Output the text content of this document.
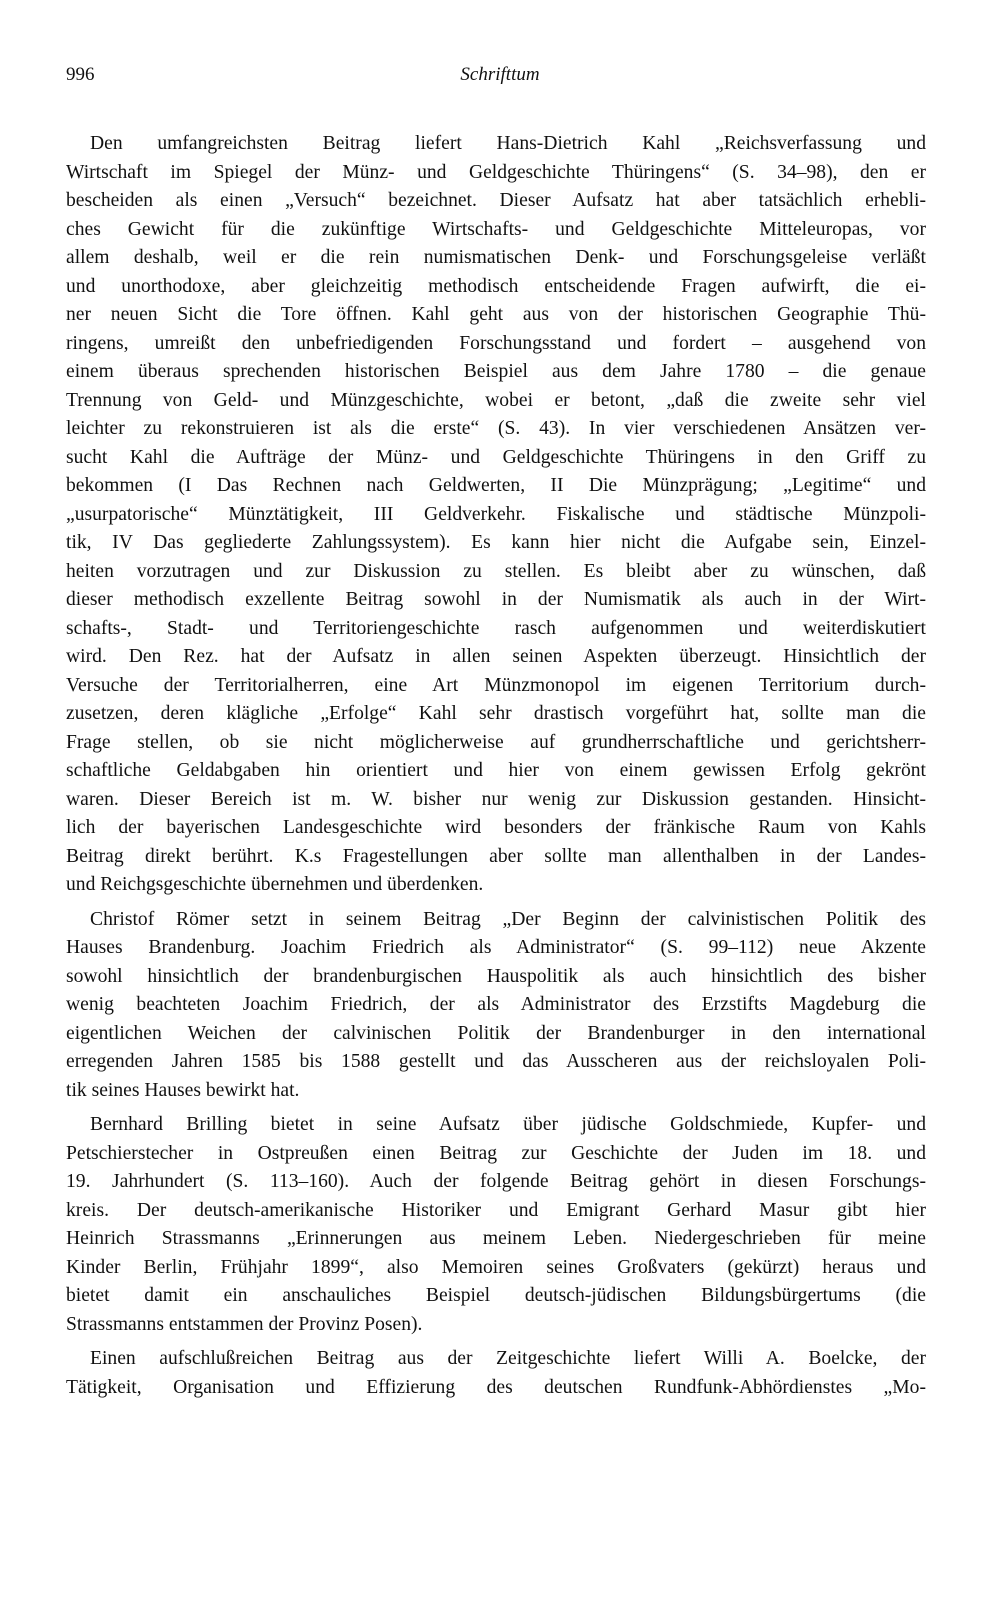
996	Schrifttum
Den umfangreichsten Beitrag liefert Hans-Dietrich Kahl „Reichsverfassung und
Wirtschaft im Spiegel der Münz- und Geldgeschichte Thüringens“ (S. 34–98), den er
bescheiden als einen „Versuch“ bezeichnet. Dieser Aufsatz hat aber tatsächlich erhebli-
ches Gewicht für die zukünftige Wirtschafts- und Geldgeschichte Mitteleuropas, vor
allem deshalb, weil er die rein numismatischen Denk- und Forschungsgeleise verläßt
und unorthodoxe, aber gleichzeitig methodisch entscheidende Fragen aufwirft, die ei-
ner neuen Sicht die Tore öffnen. Kahl geht aus von der historischen Geographie Thü-
ringens, umreißt den unbefriedigenden Forschungsstand und fordert – ausgehend von
einem überaus sprechenden historischen Beispiel aus dem Jahre 1780 – die genaue
Trennung von Geld- und Münzgeschichte, wobei er betont, „daß die zweite sehr viel
leichter zu rekonstruieren ist als die erste“ (S. 43). In vier verschiedenen Ansätzen ver-
sucht Kahl die Aufträge der Münz- und Geldgeschichte Thüringens in den Griff zu
bekommen (I Das Rechnen nach Geldwerten, II Die Münzprägung; „Legitime“ und
„usurpatorische“ Münztätigkeit, III Geldverkehr. Fiskalische und städtische Münzpoli-
tik, IV Das gegliederte Zahlungssystem). Es kann hier nicht die Aufgabe sein, Einzel-
heiten vorzutragen und zur Diskussion zu stellen. Es bleibt aber zu wünschen, daß
dieser methodisch exzellente Beitrag sowohl in der Numismatik als auch in der Wirt-
schafts-, Stadt- und Territoriengeschichte rasch aufgenommen und weiterdiskutiert
wird. Den Rez. hat der Aufsatz in allen seinen Aspekten überzeugt. Hinsichtlich der
Versuche der Territorialherren, eine Art Münzmonopol im eigenen Territorium durch-
zusetzen, deren klägliche „Erfolge“ Kahl sehr drastisch vorgeführt hat, sollte man die
Frage stellen, ob sie nicht möglicherweise auf grundherrschaftliche und gerichtsherr-
schaftliche Geldabgaben hin orientiert und hier von einem gewissen Erfolg gekrönt
waren. Dieser Bereich ist m. W. bisher nur wenig zur Diskussion gestanden. Hinsicht-
lich der bayerischen Landesgeschichte wird besonders der fränkische Raum von Kahls
Beitrag direkt berührt. K.s Fragestellungen aber sollte man allenthalben in der Landes-
und Reichgsgeschichte übernehmen und überdenken.
Christof Römer setzt in seinem Beitrag „Der Beginn der calvinistischen Politik des
Hauses Brandenburg. Joachim Friedrich als Administrator“ (S. 99–112) neue Akzente
sowohl hinsichtlich der brandenburgischen Hauspolitik als auch hinsichtlich des bisher
wenig beachteten Joachim Friedrich, der als Administrator des Erzstifts Magdeburg die
eigentlichen Weichen der calvinischen Politik der Brandenburger in den international
erregenden Jahren 1585 bis 1588 gestellt und das Ausscheren aus der reichsloyalen Poli-
tik seines Hauses bewirkt hat.
Bernhard Brilling bietet in seine Aufsatz über jüdische Goldschmiede, Kupfer- und
Petschierstecher in Ostpreußen einen Beitrag zur Geschichte der Juden im 18. und
19. Jahrhundert (S. 113–160). Auch der folgende Beitrag gehört in diesen Forschungs-
kreis. Der deutsch-amerikanische Historiker und Emigrant Gerhard Masur gibt hier
Heinrich Strassmanns „Erinnerungen aus meinem Leben. Niedergeschrieben für meine
Kinder Berlin, Frühjahr 1899“, also Memoiren seines Großvaters (gekürzt) heraus und
bietet damit ein anschauliches Beispiel deutsch-jüdischen Bildungsbürgertums (die
Strassmanns entstammen der Provinz Posen).
Einen aufschlußreichen Beitrag aus der Zeitgeschichte liefert Willi A. Boelcke, der
Tätigkeit, Organisation und Effizierung des deutschen Rundfunk-Abhördienstes „Mo-
